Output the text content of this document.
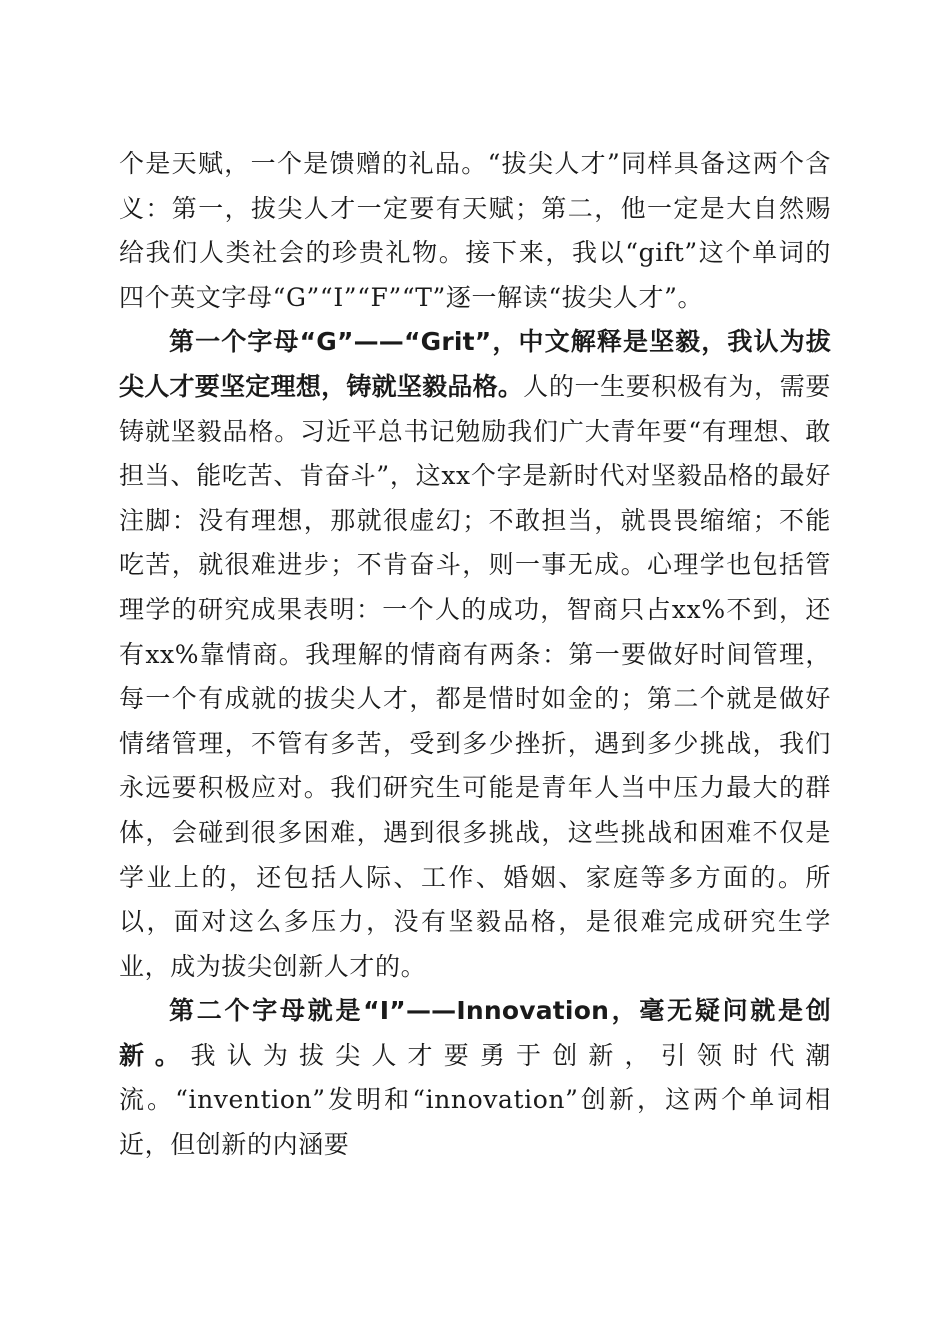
个是天赋，一个是馈赠的礼品。“拔尖人才”同样具备这两个含义：第一，拔尖人才一定要有天赋；第二，他一定是大自然赐给我们人类社会的珍贵礼物。接下来，我以“gift”这个单词的四个英文字母“G”“I”“F”“T”逐一解读“拔尖人才”。

第一个字母“G”——“Grit”，中文解释是坚毅，我认为拔尖人才要坚定理想，铸就坚毅品格。人的一生要积极有为，需要铸就坚毅品格。习近平总书记勉励我们广大青年要“有理想、敢担当、能吃苦、肯奋斗”，这xx个字是新时代对坚毅品格的最好注脚：没有理想，那就很虚幻；不敢担当，就畏畏缩缩；不能吃苦，就很难进步；不肯奋斗，则一事无成。心理学也包括管理学的研究成果表明：一个人的成功，智商只占xx%不到，还有xx%靠情商。我理解的情商有两条：第一要做好时间管理，每一个有成就的拔尖人才，都是惜时如金的；第二个就是做好情绪管理，不管有多苦，受到多少挫折，遇到多少挑战，我们永远要积极应对。我们研究生可能是青年人当中压力最大的群体，会碰到很多困难，遇到很多挑战，这些挑战和困难不仅是学业上的，还包括人际、工作、婚姻、家庭等多方面的。所以，面对这么多压力，没有坚毅品格，是很难完成研究生学业，成为拔尖创新人才的。

第二个字母就是“I”——Innovation，毫无疑问就是创新。我认为拔尖人才要勇于创新，引领时代潮流。“invention”发明和“innovation”创新，这两个单词相近，但创新的内涵要
